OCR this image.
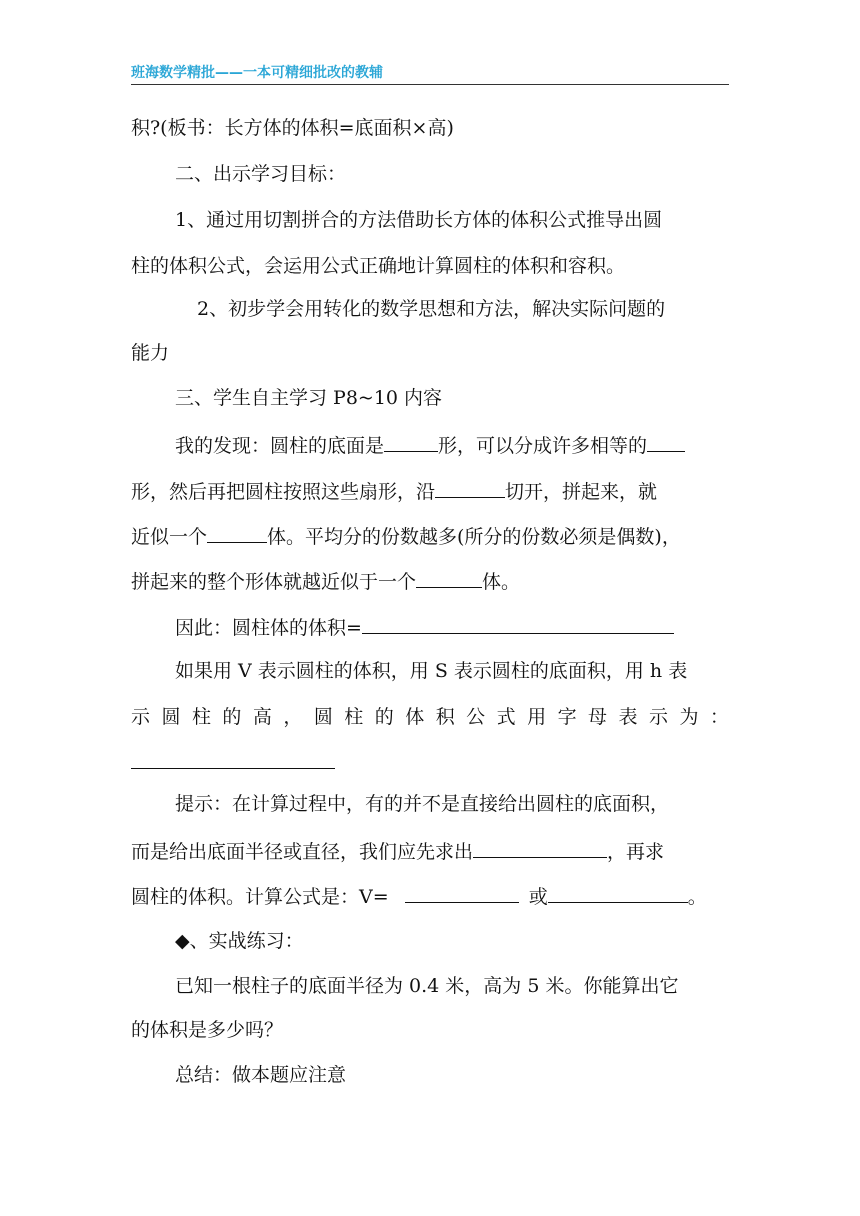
班海数学精批——一本可精细批改的教辅
积?(板书：长方体的体积=底面积×高)
二、出示学习目标：
1、通过用切割拼合的方法借助长方体的体积公式推导出圆
柱的体积公式，会运用公式正确地计算圆柱的体积和容积。
2、初步学会用转化的数学思想和方法，解决实际问题的
能力
三、学生自主学习 P8~10 内容
我的发现：圆柱的底面是	形，可以分成许多相等的
形，然后再把圆柱按照这些扇形，沿	切开，拼起来，就
近似一个	体。平均分的份数越多(所分的份数必须是偶数)，
拼起来的整个形体就越近似于一个	体。
因此：圆柱体的体积=
如果用 V 表示圆柱的体积，用 S 表示圆柱的底面积，用 h 表
示 圆 柱 的 高 ， 圆 柱 的 体 积 公 式 用 字 母 表 示 为 ：
提示：在计算过程中，有的并不是直接给出圆柱的底面积，
而是给出底面半径或直径，我们应先求出	，再求
圆柱的体积。计算公式是：V=	或	。
◆、实战练习：
已知一根柱子的底面半径为 0.4 米，高为 5 米。你能算出它
的体积是多少吗？
总结：做本题应注意
